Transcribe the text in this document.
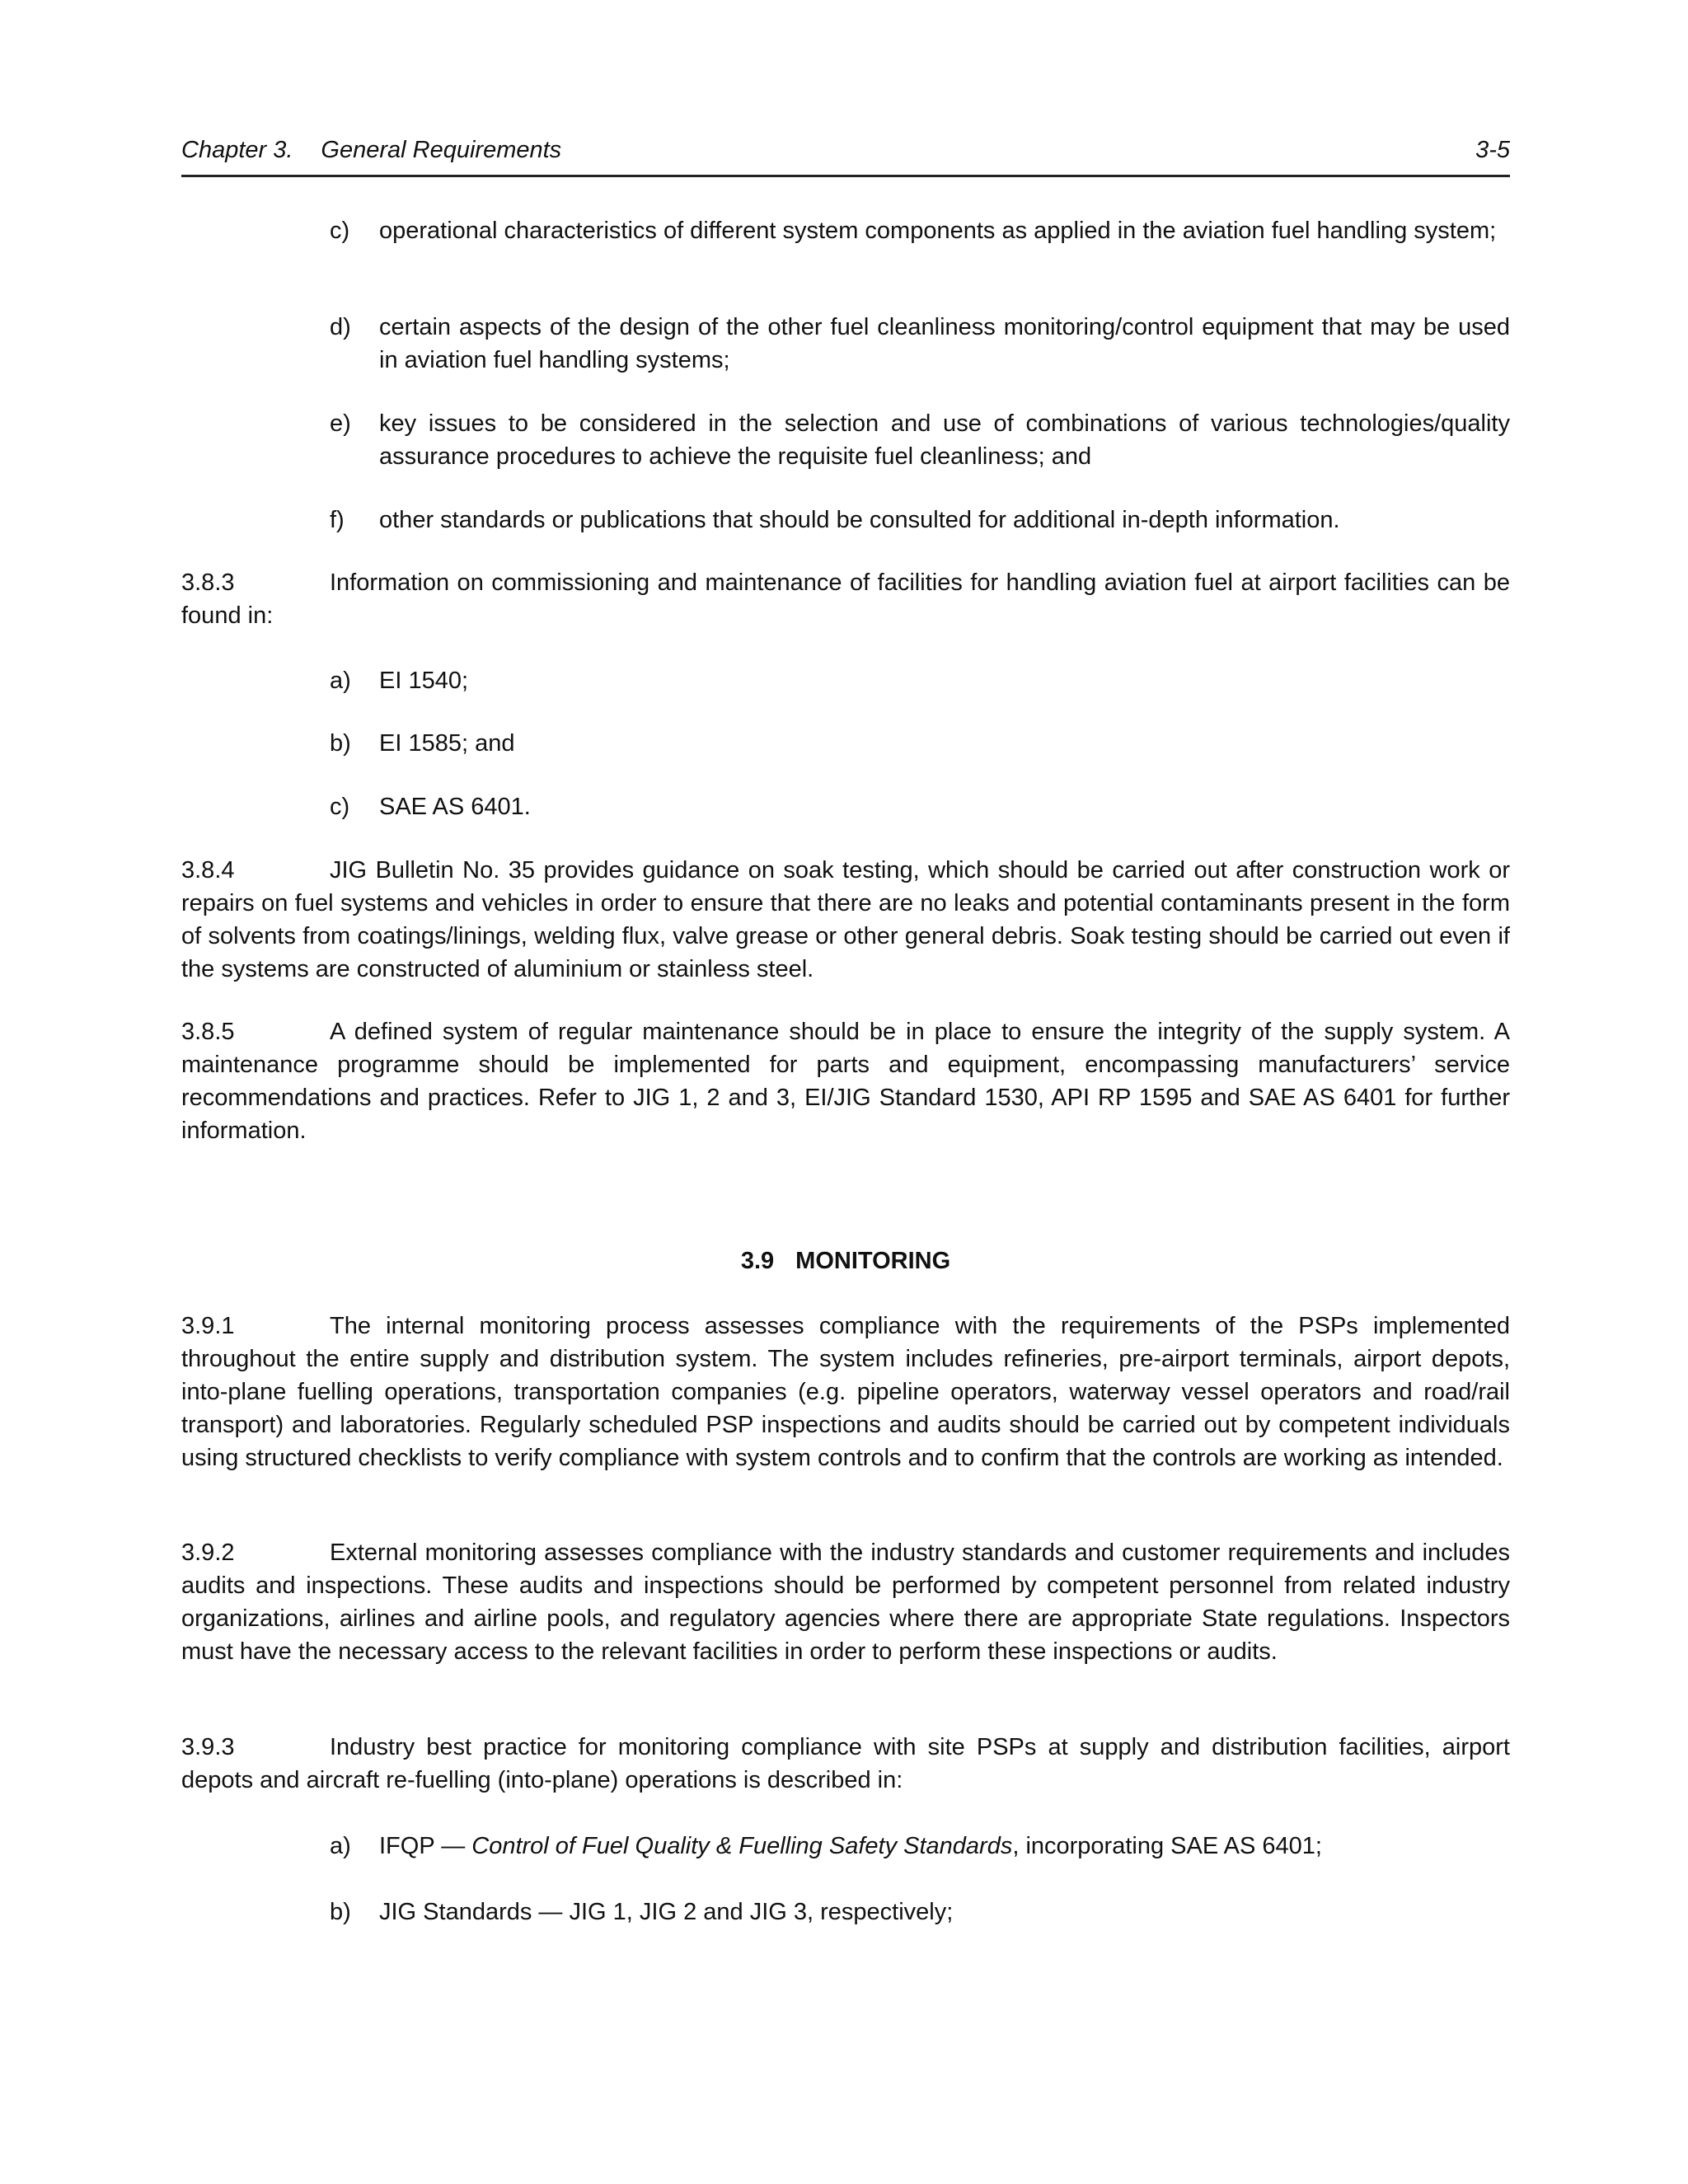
Chapter 3. General Requirements	3-5
c)	operational characteristics of different system components as applied in the aviation fuel handling system;
d)	certain aspects of the design of the other fuel cleanliness monitoring/control equipment that may be used in aviation fuel handling systems;
e)	key issues to be considered in the selection and use of combinations of various technologies/quality assurance procedures to achieve the requisite fuel cleanliness; and
f)	other standards or publications that should be consulted for additional in-depth information.
3.8.3	Information on commissioning and maintenance of facilities for handling aviation fuel at airport facilities can be found in:
a)	EI 1540;
b)	EI 1585; and
c)	SAE AS 6401.
3.8.4	JIG Bulletin No. 35 provides guidance on soak testing, which should be carried out after construction work or repairs on fuel systems and vehicles in order to ensure that there are no leaks and potential contaminants present in the form of solvents from coatings/linings, welding flux, valve grease or other general debris. Soak testing should be carried out even if the systems are constructed of aluminium or stainless steel.
3.8.5	A defined system of regular maintenance should be in place to ensure the integrity of the supply system. A maintenance programme should be implemented for parts and equipment, encompassing manufacturers’ service recommendations and practices. Refer to JIG 1, 2 and 3, EI/JIG Standard 1530, API RP 1595 and SAE AS 6401 for further information.
3.9 MONITORING
3.9.1	The internal monitoring process assesses compliance with the requirements of the PSPs implemented throughout the entire supply and distribution system. The system includes refineries, pre-airport terminals, airport depots, into-plane fuelling operations, transportation companies (e.g. pipeline operators, waterway vessel operators and road/rail transport) and laboratories. Regularly scheduled PSP inspections and audits should be carried out by competent individuals using structured checklists to verify compliance with system controls and to confirm that the controls are working as intended.
3.9.2	External monitoring assesses compliance with the industry standards and customer requirements and includes audits and inspections. These audits and inspections should be performed by competent personnel from related industry organizations, airlines and airline pools, and regulatory agencies where there are appropriate State regulations. Inspectors must have the necessary access to the relevant facilities in order to perform these inspections or audits.
3.9.3	Industry best practice for monitoring compliance with site PSPs at supply and distribution facilities, airport depots and aircraft re-fuelling (into-plane) operations is described in:
a)	IFQP — Control of Fuel Quality & Fuelling Safety Standards, incorporating SAE AS 6401;
b)	JIG Standards — JIG 1, JIG 2 and JIG 3, respectively;
